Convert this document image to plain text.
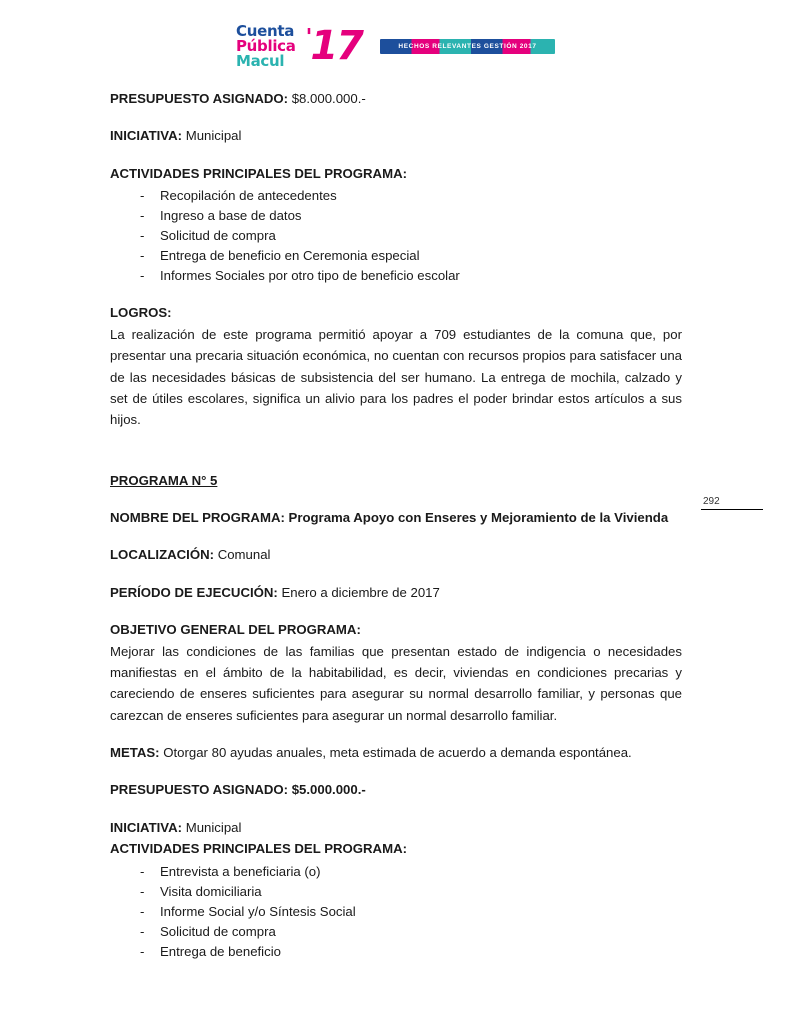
Cuenta
Pública
Macul
'17	HECHOS RELEVANTES GESTIÓN 2017
292

PRESUPUESTO ASIGNADO: $8.000.000.-

INICIATIVA: Municipal

ACTIVIDADES PRINCIPALES DEL PROGRAMA:

- Recopilación de antecedentes
- Ingreso a base de datos
- Solicitud de compra
- Entrega de beneficio en Ceremonia especial
- Informes Sociales por otro tipo de beneficio escolar

LOGROS:

La realización de este programa permitió apoyar a 709 estudiantes de la comuna que, por presentar una precaria situación económica, no cuentan con recursos propios para satisfacer una de las necesidades básicas de subsistencia del ser humano. La entrega de mochila, calzado y set de útiles escolares, significa un alivio para los padres el poder brindar estos artículos a sus hijos.

PROGRAMA N° 5

NOMBRE DEL PROGRAMA: Programa Apoyo con Enseres y Mejoramiento de la Vivienda

LOCALIZACIÓN: Comunal

PERÍODO DE EJECUCIÓN: Enero a diciembre de 2017

OBJETIVO GENERAL DEL PROGRAMA:

Mejorar las condiciones de las familias que presentan estado de indigencia o necesidades manifiestas en el ámbito de la habitabilidad, es decir, viviendas en condiciones precarias y careciendo de enseres suficientes para asegurar su normal desarrollo familiar, y personas que carezcan de enseres suficientes para asegurar un normal desarrollo familiar.

METAS: Otorgar 80 ayudas anuales, meta estimada de acuerdo a demanda espontánea.

PRESUPUESTO ASIGNADO: $5.000.000.-

INICIATIVA: Municipal

ACTIVIDADES PRINCIPALES DEL PROGRAMA:

- Entrevista a beneficiaria (o)
- Visita domiciliaria
- Informe Social y/o Síntesis Social
- Solicitud de compra
- Entrega de beneficio
